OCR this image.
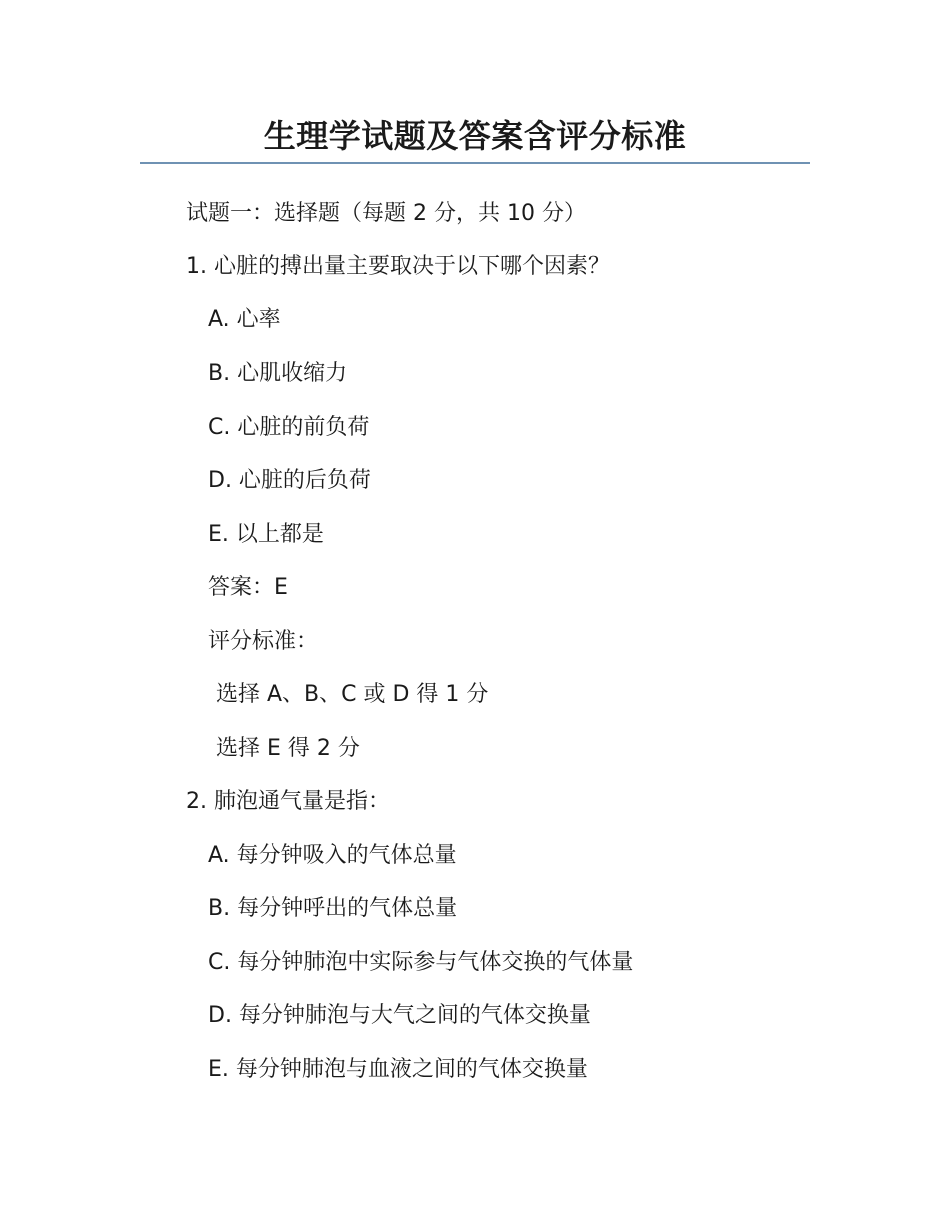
生理学试题及答案含评分标准
试题一：选择题（每题 2 分，共 10 分）
1. 心脏的搏出量主要取决于以下哪个因素？
A. 心率
B. 心肌收缩力
C. 心脏的前负荷
D. 心脏的后负荷
E. 以上都是
答案：E
评分标准：
选择 A、B、C 或 D 得 1 分
选择 E 得 2 分
2. 肺泡通气量是指：
A. 每分钟吸入的气体总量
B. 每分钟呼出的气体总量
C. 每分钟肺泡中实际参与气体交换的气体量
D. 每分钟肺泡与大气之间的气体交换量
E. 每分钟肺泡与血液之间的气体交换量
